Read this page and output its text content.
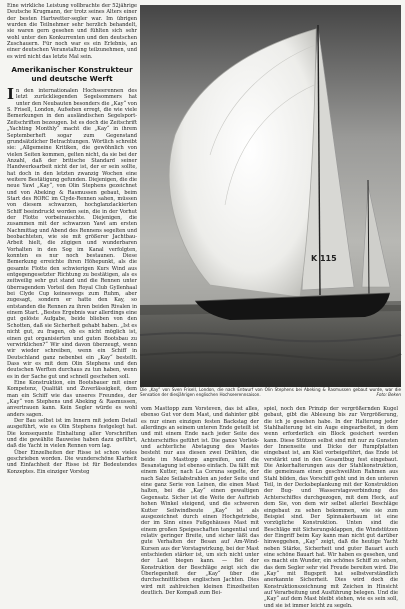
Eine wirkliche Leistung vollbrachte der 52jährige Deutsche Krugmann, der trotz seines Alters einer der besten Hartwetter-segler war. Im übrigen wurden die Teilnehmer sehr herzlich behandelt, sie waren gern gesehen und fühlten sich sehr wohl unter den Konkurrenten und den deutschen Zuschauern. Für noch war es ein Erlebnis, an einer deutschen Veranstaltung teilzunehmen, und es wird nicht das letzte Mal sein.

Amerikanischer Konstrukteur und deutsche Werft
I n den internationalen Hochseerennen des letzt zurückliegenden Segelsommers hat unter den Neubauten besonders die „Kay“ von S. Frisell, London, Aufsehen erregt, die wie viele Bemerkungen in den ausländischen Segelsport-Zeitschriften bezeugen. Ist es doch die Zeitschrift „Yachting Monthly“ macht die „Kay“ in ihrem Septemberheft sogar zum Gegenstand grundsätzlicher Betrachtungen. Wörtlich schreibt sie: „Allgemeine Kritiken, die gewöhnlich von vielen Seiten kommen, gelten nicht, da sie bei der Anzahl, daß der britische Standard seiner Handwerksarbeit nicht der ist, der er sein sollte, hat doch in den letzten zwanzig Wochen eine weitere Bestätigung gefunden. Diejenigen, die die neue Yawl „Kay“, von Olin Stephens gezeichnet und von Abeking & Rasmussen gebaut, beim Start des RORC im Clyde-Rennen sahen, müssen von diesem schwarzen, hochglanzlackierten Schiff beeindruckt worden sein, die in der Vorhut der Flotte vorbeirauschte. Diejenigen, die zusammen mit der schwarzen Yawl am ersten Nachmittag und Abend des Rennens segelten und beobachteten, wie sie mit größerer Jachtbau-Arbeit hielt, die zügigen und wunderbaren Vorhalten in den Sog im Kanal verfolgten, konnten es nur noch bestaunen. Diese Bemerkung erreichte ihren Höhepunkt, als die gesamte Flotte den schwierigen Kurs Wind aus entgegengesetzter Richtung zu bestätigen, als es zeitweilig sehr gut stand und die Rennen unter überragendem Vorteil den Royal Club Gyllenhaal bei Clyde Cup keineswegs zum Ruhm, aber zugesagt, sondern er hatte den Kay, so entstanden die Rennen zu ihren beiden Rivalen in einem Start. „Bestes Ergebnis war allerdings eine gut gelöste Aufgabe, beide blieben von den Schotten, daß sie Sicherheit gehabt haben. „Ist es nicht gut, zu fragen, ob es nicht möglich ist, einen gut organisierten und guten Bootsbau zu verwirklichen?“ Wir sind davon überzeugt, wenn wir wieder schreiben, wenn ein Schiff in Deutschland ganz nebenbei ein „Kay“ bestellt. Dass wir es mit dem Olin Stephens und den deutschen Werften durchaus zu tun haben, wenn es in der Sache gut und schnell geschehen soll.

Eine Konstruktion, ein Bootsbauer mit einer Kompetenz, Qualität und Zuverlässigkeit, dem man ein Schiff wie das unseres Freundes, der „Kay“ von Stephens und Abeking & Rasmussen, anvertrauen kann. Kein Segler würde es wohl anders sagen.

Der Bau selbst ist im Innern mit jedem Detail ausgeführt, wie es Olin Stephens festgelegt hat. Die konsequente Einhaltung aller Vorschriften und die gewählte Bauweise haben dazu geführt, daß die Yacht in vielen Rennen vorn lag.

Über Einzelheiten der Risse ist schon vieles geschrieben worden. Die wunderschöne Klarheit und Einfachheit der Risse ist für Bedeutendes Konzeptes. Ein einziger Vorsteg

K 115
Die „Kay“ von Sven Frisell, London, die nach Entwurf von Olin Stephens bei Abeking & Rasmussen gebaut wurde, war die Sensation der diesjährigen englischen Hochseerennsaison.	Foto: Beken

vom Masttopp zum Vorsteven, das ist alles, ebenso Gut vor dem Mast, und dahinter gibt es nur einen einzigen festen Backstag der allerdings an seinem unteren Ende geteilt ist und mit einem Ende nach jeder Seite des Achterschiffes geführt ist. Die ganze Vorliek- und achterliche Abstagung des Mastes besteht nur aus diesen zwei Drähten, die beide im Masttopp angreifen, und die Besanstagung ist ebenso einfach. Da fällt mit einem Kutter, nach La Coruna segelte, der nach Salze Seilabstrahlen an jeder Seite und eine ganz Serie von Leinen, die einen Mast halten, bei die „Kay“ einen gewaltigen Gegensatz. Sicher ist die Weite der Auftrieb hohen Winkel steigend, und die schweren Kutter Seilwindbeute „Kay“ ist als ausgezeichnet durch einen Hochgetriebe, der im Sinn eines Fußgehäuses Mast mit einem großen Speigeschaften tangential und relativ geringer Breite, und sicher läßt das gute Verhalten der Besan auf Am-Wind-Kursen aus der Vorstagwirkung, bei der Mast entschieden stärker ist, um sich nicht unter der Last biegen kann. — Bei der Konstruktion der Beschläge zeigt sich die Überlegenheit der „Kay“ über die durchschnittlichen englischen Jachten. Dies wird mit zahlreichen kleinen Einzelheiten deutlich. Der Kompaß zum Bei-

spiel, noch den Prinzip der vergrößernden Kugel gebaut, gibt die Ablesung bis zur Vergrößerung, die ich je gesehen habe. In der Halterung jeder Stahlhalterung ist ein Auge eingearbeitet, in dem wenn erforderlich ein Block gesichert werden kann. Diese Stützen selbst sind mit nur zu Gunsten der Innenseite und Dicke der Rumpfplatten eingebaut ist, am Kiel vorbeigeführt, das Ende ist verstärkt und in den Gesamtbug fest eingebaut. Die Ankerhalterungen aus der Stahlkonstruktion, die gemeinsam einen geschweißten Rahmen aus Stahl bilden, das Vorschiff geht und in den unteren Teil, in der Decksbeplankung mit der Konstruktion der Bug- und Wasserstagsverbindung des Achterschiffes durchgezogen, mit dem Heck, auf dem Sie, von dem wir selbst allerlei Beschläge eingebaut zu sehen bekommen, wie sie zum Beispiel sind. Der Spinnakerbaum ist eine vorzügliche Konstruktion. Unten sind die Beschläge mit Sicherungsklappen, die Windstützen der Eingriff beim Kay kann man nicht gut darüber hinweggehen, „Kay“ zeigt, daß die heutige Yacht neben Stärke, Sicherheit und guter Bauart auch eine schöne Bauart hat. Wir haben es gesehen, und es macht ein Wunder, ein schönes Schiff zu sehen, das dem Segler sehr viel Freude bereiten wird. Die „Kay“ mit Bugsprit hat selbstverständlich anerkannte Sicherheit. Dies wird doch die Konstruktionszeichnung mit Zeichen in Hinsicht auf Verarbeitung und Ausführung belegen. Und die „Kay“ auf dem Mast bleibt stehen, wie es sein soll, und sie ist immer leicht zu segeln.
